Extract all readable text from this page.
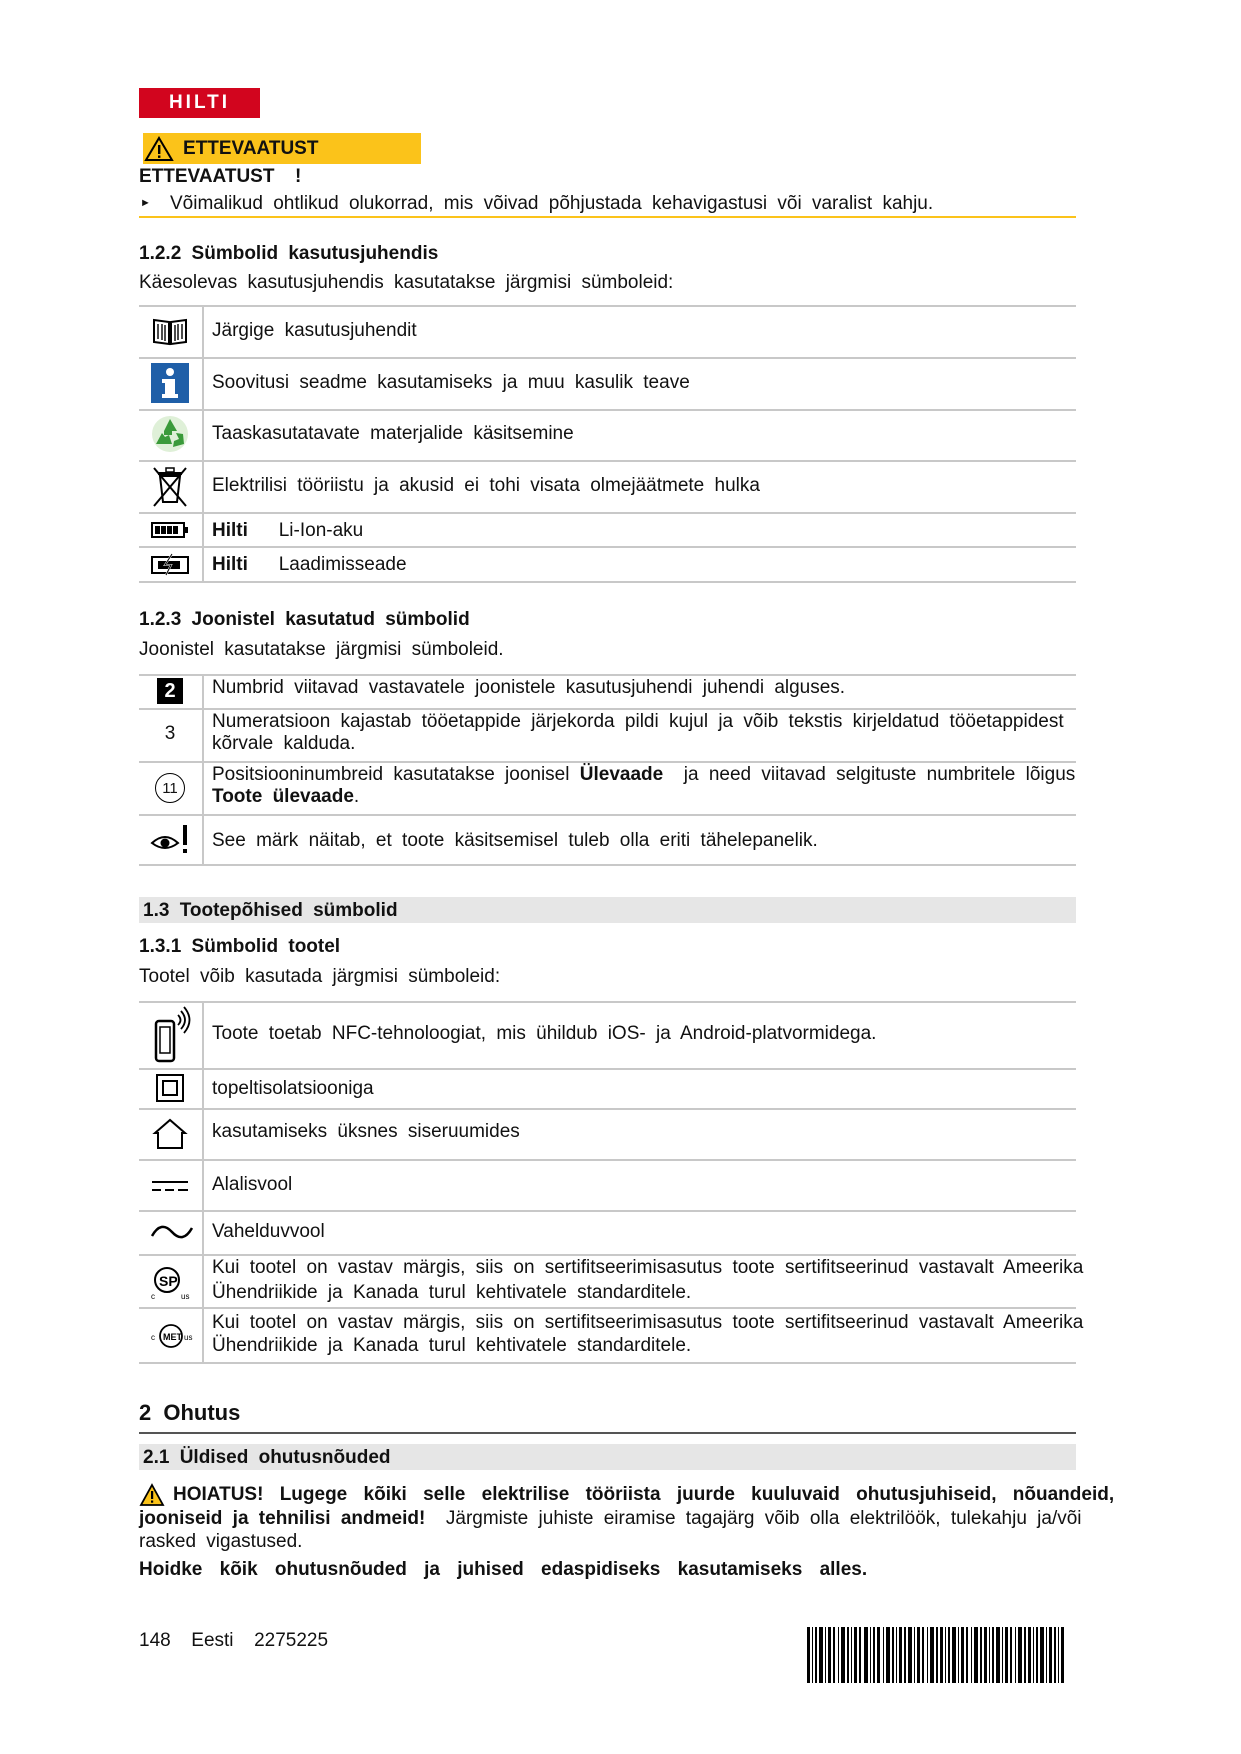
HILTI
ETTEVAATUST
ETTEVAATUST !
► Võimalikud ohtlikud olukorrad, mis võivad põhjustada kehavigastusi või varalist kahju.
1.2.2 Sümbolid kasutusjuhendis
Käesolevas kasutusjuhendis kasutatakse järgmisi sümboleid:
Järgige kasutusjuhendit
Soovitusi seadme kasutamiseks ja muu kasulik teave
Taaskasutatavate materjalide käsitsemine
Elektrilisi tööriistu ja akusid ei tohi visata olmejäätmete hulka
Hilti Li-Ion-aku
Hilti Laadimisseade
1.2.3 Joonistel kasutatud sümbolid
Joonistel kasutatakse järgmisi sümboleid.
2
3
11
Numbrid viitavad vastavatele joonistele kasutusjuhendi juhendi alguses.
Numeratsioon kajastab tööetappide järjekorda pildi kujul ja võib tekstis kirjeldatud tööetappidest
kõrvale kalduda.
Positsiooninumbreid kasutatakse joonisel Ülevaade ja need viitavad selgituste numbritele lõigus
Toote ülevaade.
See märk näitab, et toote käsitsemisel tuleb olla eriti tähelepanelik.
1.3 Tootepõhised sümbolid
1.3.1 Sümbolid tootel
Tootel võib kasutada järgmisi sümboleid:
SP
c	us
MET
c	us
Toote toetab NFC-tehnoloogiat, mis ühildub iOS- ja Android-platvormidega.
topeltisolatsiooniga
kasutamiseks üksnes siseruumides
Alalisvool
Vahelduvvool
Kui tootel on vastav märgis, siis on sertifitseerimisasutus toote sertifitseerinud vastavalt Ameerika
Ühendriikide ja Kanada turul kehtivatele standarditele.
Kui tootel on vastav märgis, siis on sertifitseerimisasutus toote sertifitseerinud vastavalt Ameerika
Ühendriikide ja Kanada turul kehtivatele standarditele.
2 Ohutus
2.1 Üldised ohutusnõuded
HOIATUS! Lugege kõiki selle elektrilise tööriista juurde kuuluvaid ohutusjuhiseid, nõuandeid,
jooniseid ja tehnilisi andmeid! Järgmiste juhiste eiramise tagajärg võib olla elektrilöök, tulekahju ja/või
rasked vigastused.
Hoidke kõik ohutusnõuded ja juhised edaspidiseks kasutamiseks alles.
148 Eesti 2275225
